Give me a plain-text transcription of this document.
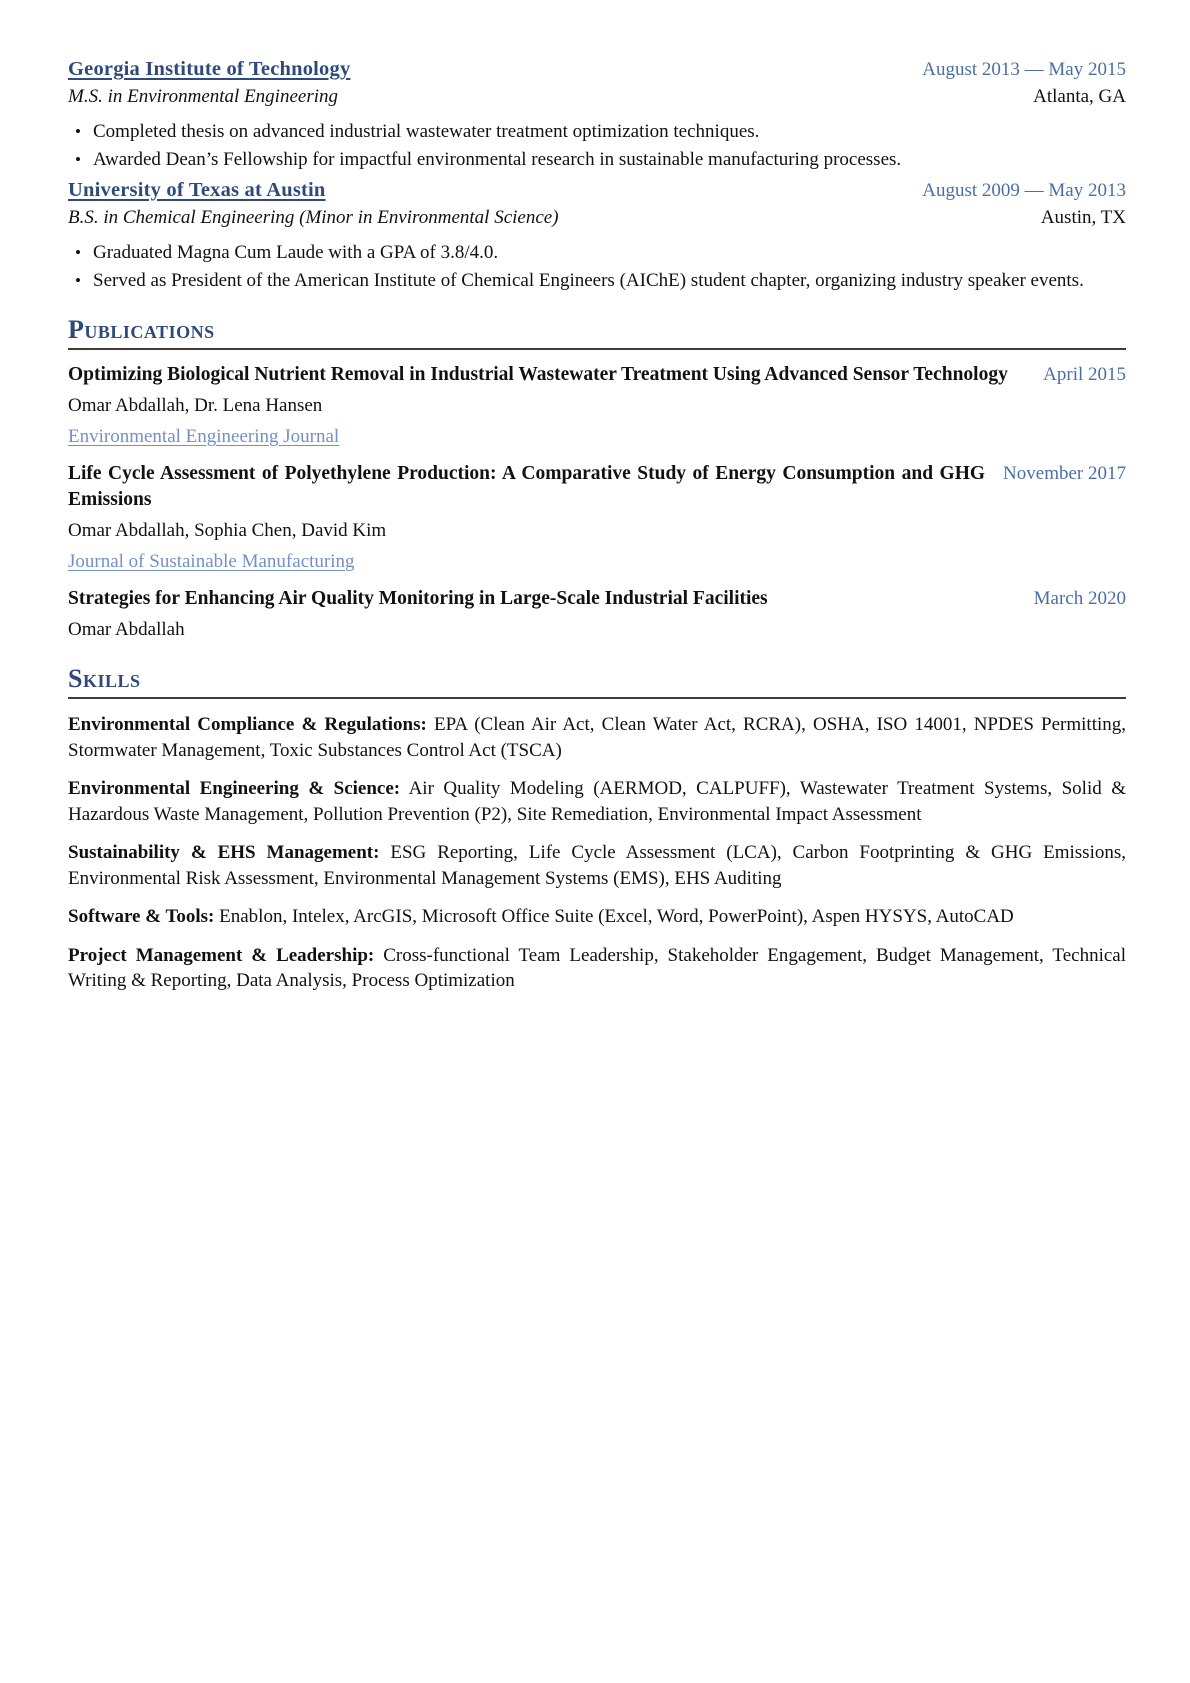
Georgia Institute of Technology	August 2013 — May 2015
M.S. in Environmental Engineering	Atlanta, GA
• Completed thesis on advanced industrial wastewater treatment optimization techniques.
• Awarded Dean’s Fellowship for impactful environmental research in sustainable manufacturing processes.
University of Texas at Austin	August 2009 — May 2013
B.S. in Chemical Engineering (Minor in Environmental Science)	Austin, TX
• Graduated Magna Cum Laude with a GPA of 3.8/4.0.
• Served as President of the American Institute of Chemical Engineers (AIChE) student chapter, organizing industry speaker events.
Publications
Optimizing Biological Nutrient Removal in Industrial Wastewater Treatment Using Advanced Sensor Technology	April 2015
Omar Abdallah, Dr. Lena Hansen
Environmental Engineering Journal
Life Cycle Assessment of Polyethylene Production: A Comparative Study of Energy Consumption and GHG Emissions
November 2017
Omar Abdallah, Sophia Chen, David Kim
Journal of Sustainable Manufacturing
Strategies for Enhancing Air Quality Monitoring in Large-Scale Industrial Facilities	March 2020
Omar Abdallah
Skills

Environmental Compliance & Regulations: EPA (Clean Air Act, Clean Water Act, RCRA), OSHA, ISO 14001, NPDES Permitting, Stormwater Management, Toxic Substances Control Act (TSCA)

Environmental Engineering & Science: Air Quality Modeling (AERMOD, CALPUFF), Wastewater Treatment Systems, Solid & Hazardous Waste Management, Pollution Prevention (P2), Site Remediation, Environmental Impact Assessment

Sustainability & EHS Management: ESG Reporting, Life Cycle Assessment (LCA), Carbon Footprinting & GHG Emissions, Environmental Risk Assessment, Environmental Management Systems (EMS), EHS Auditing

Software & Tools: Enablon, Intelex, ArcGIS, Microsoft Office Suite (Excel, Word, PowerPoint), Aspen HYSYS, AutoCAD

Project Management & Leadership: Cross-functional Team Leadership, Stakeholder Engagement, Budget Management, Technical Writing & Reporting, Data Analysis, Process Optimization
